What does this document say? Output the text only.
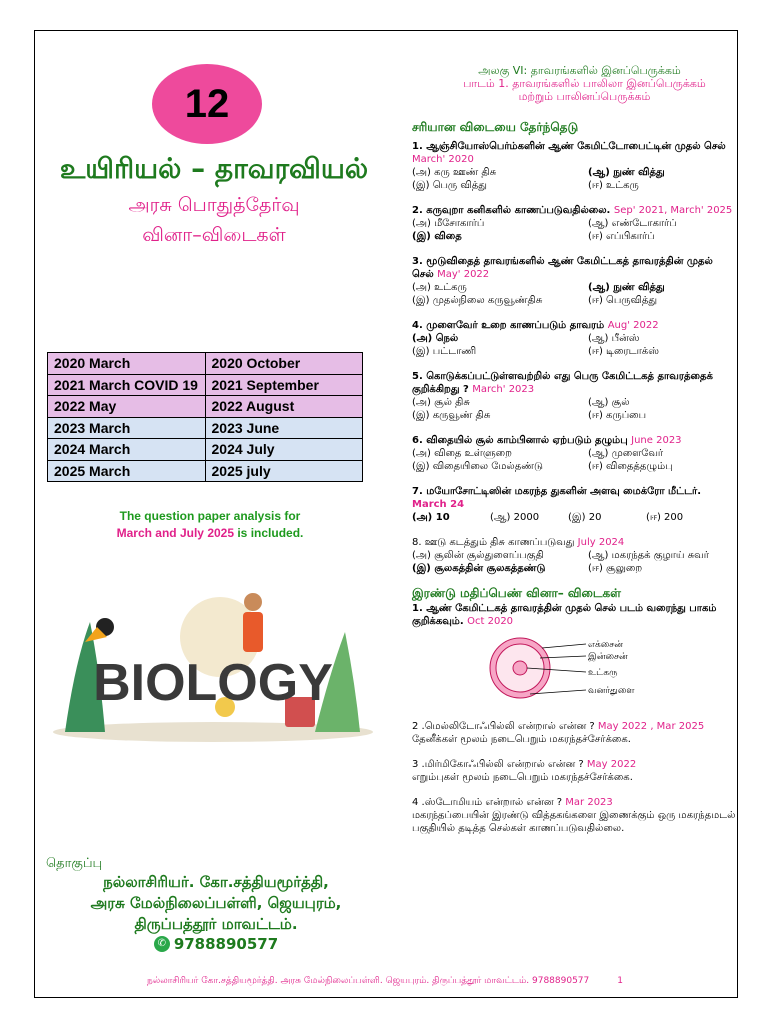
12
உயிரியல் – தாவரவியல்
அரசு பொதுத்தேர்வு
வினா–விடைகள்
2020 March	2020 October
2021 March COVID 19	2021 September
2022 May	2022 August
2023 March	2023 June
2024 March	2024 July
2025 March	2025 july
The question paper analysis for
March and July 2025 is included.
BIOLOGY
தொகுப்பு
நல்லாசிரியர். கோ.சத்தியமூர்த்தி,
அரசு மேல்நிலைப்பள்ளி, ஜெயபுரம்,
திருப்பத்தூர் மாவட்டம்.
✆ 9788890577
நல்லாசிரியர் கோ.சத்தியமூர்த்தி. அரசு மேல்நிலைப்பள்ளி. ஜெயபுரம். திருப்பத்தூர் மாவட்டம். 9788890577	1
அலகு VI: தாவரங்களில் இனப்பெருக்கம்
பாடம் 1. தாவரங்களில் பாலிலா இனப்பெருக்கம்
மற்றும் பாலினப்பெருக்கம்
சரியான விடையை தேர்ந்தெடு
1. ஆஞ்சியோஸ்பெர்ம்களின் ஆண் கேமிட்டோபைட்டின் முதல் செல் March' 2020
(அ) கரு ஊண் திசு	(ஆ) நுண் வித்து
(இ) பெரு வித்து	(ஈ) உட்கரு
2. கருவுறா கனிகளில் காணப்படுவதில்லை. Sep' 2021, March' 2025
(அ) மீசோகார்ப்	(ஆ) எண்டோகார்ப்
(இ) விதை	(ஈ) எப்பிகார்ப்
3. மூடுவிதைத் தாவரங்களில் ஆண் கேமிட்டகத் தாவரத்தின் முதல் செல் May' 2022
(அ) உட்கரு	(ஆ) நுண் வித்து
(இ) முதல்நிலை கருவூண்திசு	(ஈ) பெருவித்து
4. முளைவேர் உறை காணப்படும் தாவரம் Aug' 2022
(அ) நெல்	(ஆ) பீன்ஸ்
(இ) பட்டாணி	(ஈ) டிரைடாக்ஸ்
5. கொடுக்கப்பட்டுள்ளவற்றில் எது பெரு கேமிட்டகத் தாவரத்தைக் குறிக்கிறது ? March' 2023
(அ) சூல் திசு	(ஆ) சூல்
(இ) கருவூண் திசு	(ஈ) கருப்பை
6. விதையில் சூல் காம்பினால் ஏற்படும் தழும்பு June 2023
(அ) விதை உள்ளுறை	(ஆ) முளைவேர்
(இ) விதையிலை மேல்தண்டு	(ஈ) விதைத்தழும்பு
7. மயோசோட்டிஸின் மகரந்த துகளின் அளவு மைக்ரோ மீட்டர்.
March 24
(அ) 10	(ஆ) 2000	(இ) 20	(ஈ) 200
8. ஊடு கடத்தும் திசு காணப்படுவது July 2024
(அ) சூலின் சூல்துளைப்பகுதி	(ஆ) மகரந்தக் குழாய் சுவர்
(இ) சூலகத்தின் சூலகத்தண்டு	(ஈ) சூலுறை
இரண்டு மதிப்பெண் வினா– விடைகள்
1. ஆண் கேமிட்டகத் தாவரத்தின் முதல் செல் படம் வரைந்து பாகம் குறிக்கவும். Oct 2020
எக்சைன்
இன்சைன்
உட்கரு
வனர்துளை
2 .மெல்லிடோஃபில்லி என்றால் என்ன ? May 2022 , Mar 2025
தேனீக்கள் மூலம் நடைபெறும் மகரந்தச்சேர்க்கை.
3 .மிர்மிகோஃபில்லி என்றால் என்ன ? May 2022
எறும்புகள் மூலம் நடைபெறும் மகரந்தச்சேர்க்கை.
4 .ஸ்டோமியம் என்றால் என்ன ? Mar 2023
மகரந்தப்பையின் இரண்டு வித்தகங்களை இணைக்கும் ஒரு மகரந்தமடல் பகுதியில் தடித்த செல்கள் காணப்படுவதில்லை.
